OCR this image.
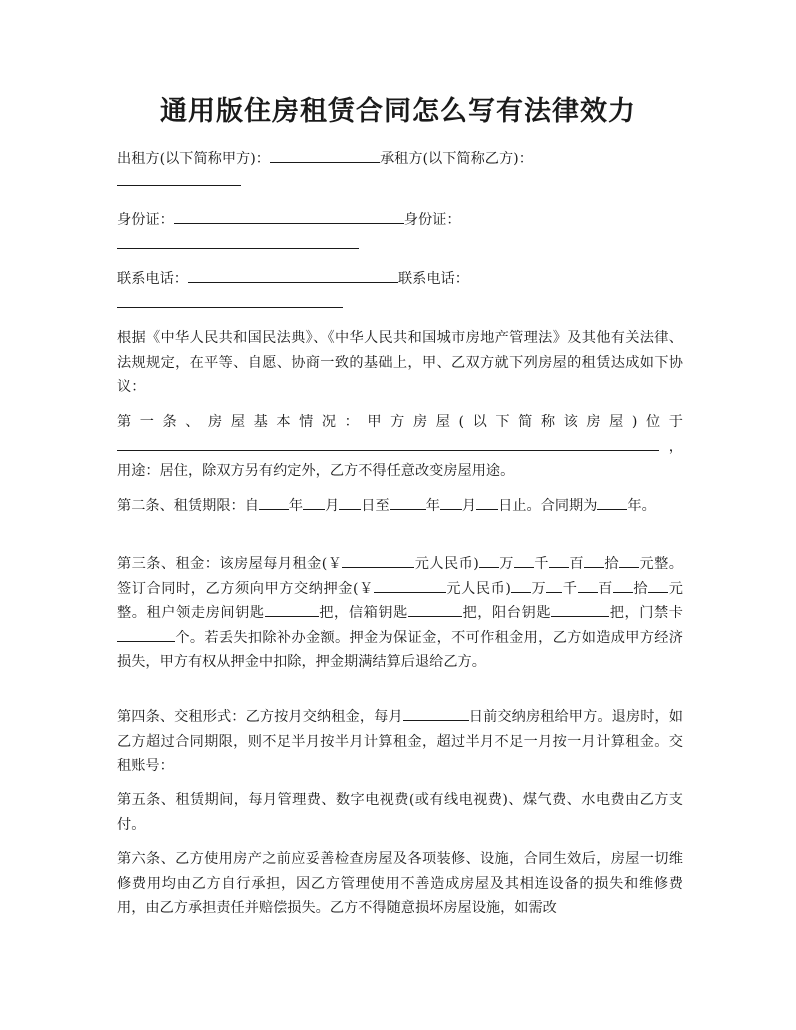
通用版住房租赁合同怎么写有法律效力

出租方(以下简称甲方)：	承租方(以下简称乙方)：

身份证：	身份证：

联系电话：	联系电话：

根据《中华人民共和国民法典》、《中华人民共和国城市房地产管理法》及其他有关法律、法规规定，在平等、自愿、协商一致的基础上，甲、乙双方就下列房屋的租赁达成如下协议：

第一条、房屋基本情况：甲方房屋(以下简称该房屋)位于，用途：居住，除双方另有约定外，乙方不得任意改变房屋用途。

第二条、租赁期限：自 年 月 日至	年 月 日止。合同期为 年。

第三条、租金：该房屋每月租金(￥	元人民币) 万 千 百 拾 元整。签订合同时，乙方须向甲方交纳押金(￥	元人民币) 万 千 百 拾 元整。租户领走房间钥匙	把，信箱钥匙	把，阳台钥匙	把，门禁卡个。若丢失扣除补办金额。押金为保证金，不可作租金用，乙方如造成甲方经济损失，甲方有权从押金中扣除，押金期满结算后退给乙方。

第四条、交租形式：乙方按月交纳租金，每月	日前交纳房租给甲方。退房时，如乙方超过合同期限，则不足半月按半月计算租金，超过半月不足一月按一月计算租金。交租账号：

第五条、租赁期间，每月管理费、数字电视费(或有线电视费)、煤气费、水电费由乙方支付。

第六条、乙方使用房产之前应妥善检查房屋及各项装修、设施，合同生效后，房屋一切维修费用均由乙方自行承担，因乙方管理使用不善造成房屋及其相连设备的损失和维修费用，由乙方承担责任并赔偿损失。乙方不得随意损坏房屋设施，如需改
